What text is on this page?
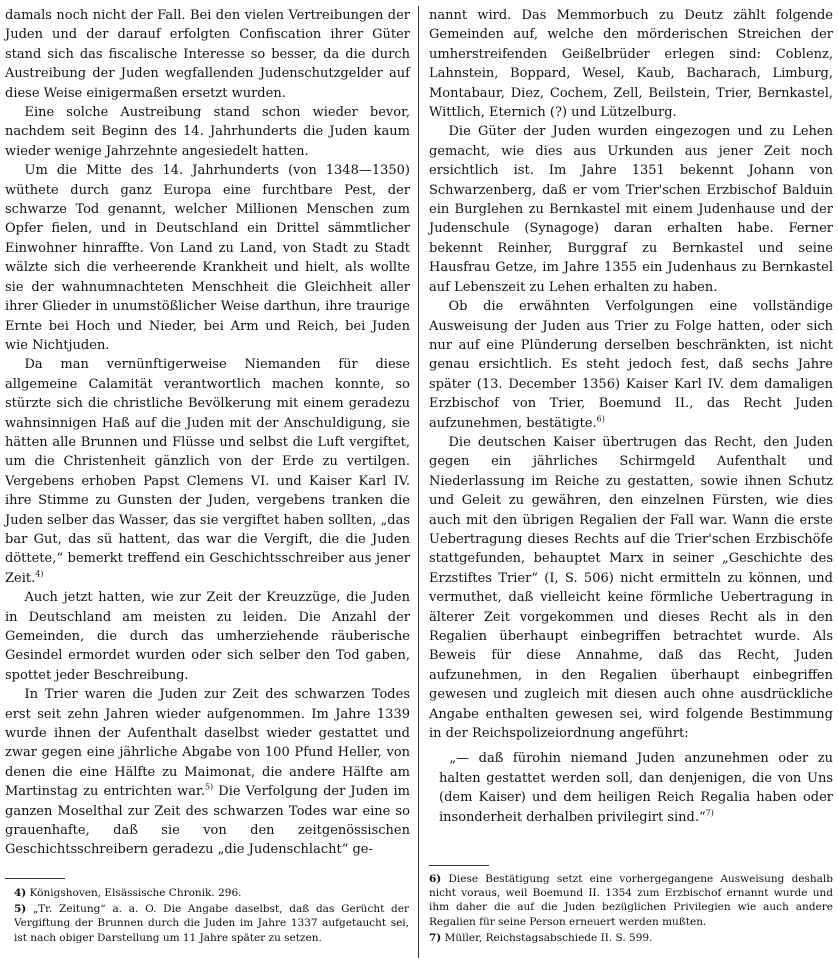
damals noch nicht der Fall. Bei den vielen Vertreibungen der Juden und der darauf erfolgten Confiscation ihrer Güter stand sich das fiscalische Interesse so besser, da die durch Austreibung der Juden wegfallenden Judenschutzgelder auf diese Weise einigermaßen ersetzt wurden.

Eine solche Austreibung stand schon wieder bevor, nachdem seit Beginn des 14. Jahrhunderts die Juden kaum wieder wenige Jahrzehnte angesiedelt hatten.

Um die Mitte des 14. Jahrhunderts (von 1348—1350) wüthete durch ganz Europa eine furchtbare Pest, der schwarze Tod genannt, welcher Millionen Menschen zum Opfer fielen, und in Deutschland ein Drittel sämmtlicher Einwohner hinraffte. Von Land zu Land, von Stadt zu Stadt wälzte sich die verheerende Krankheit und hielt, als wollte sie der wahnumnachteten Menschheit die Gleichheit aller ihrer Glieder in unumstößlicher Weise darthun, ihre traurige Ernte bei Hoch und Nieder, bei Arm und Reich, bei Juden wie Nichtjuden.

Da man vernünftigerweise Niemanden für diese allgemeine Calamität verantwortlich machen konnte, so stürzte sich die christliche Bevölkerung mit einem geradezu wahnsinnigen Haß auf die Juden mit der Anschuldigung, sie hätten alle Brunnen und Flüsse und selbst die Luft vergiftet, um die Christenheit gänzlich von der Erde zu vertilgen. Vergebens erhoben Papst Clemens VI. und Kaiser Karl IV. ihre Stimme zu Gunsten der Juden, vergebens tranken die Juden selber das Wasser, das sie vergiftet haben sollten, „das bar Gut, das sü hattent, das war die Vergift, die die Juden döttete,“ bemerkt treffend ein Geschichtsschreiber aus jener Zeit.$^{4)}$

Auch jetzt hatten, wie zur Zeit der Kreuzzüge, die Juden in Deutschland am meisten zu leiden. Die Anzahl der Gemeinden, die durch das umherziehende räuberische Gesindel ermordet wurden oder sich selber den Tod gaben, spottet jeder Beschreibung.

In Trier waren die Juden zur Zeit des schwarzen Todes erst seit zehn Jahren wieder aufgenommen. Im Jahre 1339 wurde ihnen der Aufenthalt daselbst wieder gestattet und zwar gegen eine jährliche Abgabe von 100 Pfund Heller, von denen die eine Hälfte zu Maimonat, die andere Hälfte am Martinstag zu entrichten war.$^{5)}$ Die Verfolgung der Juden im ganzen Moselthal zur Zeit des schwarzen Todes war eine so grauenhafte, daß sie von den zeitgenössischen Geschichtsschreibern geradezu „die Judenschlacht“ ge-

nannt wird. Das Memmorbuch zu Deutz zählt folgende Gemeinden auf, welche den mörderischen Streichen der umherstreifenden Geißelbrüder erlegen sind: Coblenz, Lahnstein, Boppard, Wesel, Kaub, Bacharach, Limburg, Montabaur, Diez, Cochem, Zell, Beilstein, Trier, Bernkastel, Wittlich, Eternich (?) und Lützelburg.

Die Güter der Juden wurden eingezogen und zu Lehen gemacht, wie dies aus Urkunden aus jener Zeit noch ersichtlich ist. Im Jahre 1351 bekennt Johann von Schwarzenberg, daß er vom Trier'schen Erzbischof Balduin ein Burglehen zu Bernkastel mit einem Judenhause und der Judenschule (Synagoge) daran erhalten habe. Ferner bekennt Reinher, Burggraf zu Bernkastel und seine Hausfrau Getze, im Jahre 1355 ein Judenhaus zu Bernkastel auf Lebenszeit zu Lehen erhalten zu haben.

Ob die erwähnten Verfolgungen eine vollständige Ausweisung der Juden aus Trier zu Folge hatten, oder sich nur auf eine Plünderung derselben beschränkten, ist nicht genau ersichtlich. Es steht jedoch fest, daß sechs Jahre später (13. December 1356) Kaiser Karl IV. dem damaligen Erzbischof von Trier, Boemund II., das Recht Juden aufzunehmen, bestätigte.$^{6)}$

Die deutschen Kaiser übertrugen das Recht, den Juden gegen ein jährliches Schirmgeld Aufenthalt und Niederlassung im Reiche zu gestatten, sowie ihnen Schutz und Geleit zu gewähren, den einzelnen Fürsten, wie dies auch mit den übrigen Regalien der Fall war. Wann die erste Uebertragung dieses Rechts auf die Trier'schen Erzbischöfe stattgefunden, behauptet Marx in seiner „Geschichte des Erzstiftes Trier“ (I, S. 506) nicht ermitteln zu können, und vermuthet, daß vielleicht keine förmliche Uebertragung in älterer Zeit vorgekommen und dieses Recht als in den Regalien überhaupt einbegriffen betrachtet wurde. Als Beweis für diese Annahme, daß das Recht, Juden aufzunehmen, in den Regalien überhaupt einbegriffen gewesen und zugleich mit diesen auch ohne ausdrückliche Angabe enthalten gewesen sei, wird folgende Bestimmung in der Reichspolizeiordnung angeführt:

„— daß fürohin niemand Juden anzunehmen oder zu halten gestattet werden soll, dan denjenigen, die von Uns (dem Kaiser) und dem heiligen Reich Regalia haben oder insonderheit derhalben privilegirt sind.“$^{7)}$

4) Königshoven, Elsässische Chronik. 296.

5) „Tr. Zeitung“ a. a. O. Die Angabe daselbst, daß das Gerücht der Vergiftung der Brunnen durch die Juden im Jahre 1337 aufgetaucht sei, ist nach obiger Darstellung um 11 Jahre später zu setzen.

6) Diese Bestätigung setzt eine vorhergegangene Ausweisung deshalb nicht voraus, weil Boemund II. 1354 zum Erzbischof ernannt wurde und ihm daher die auf die Juden bezüglichen Privilegien wie auch andere Regalien für seine Person erneuert werden mußten.

7) Müller, Reichstagsabschiede II. S. 599.
